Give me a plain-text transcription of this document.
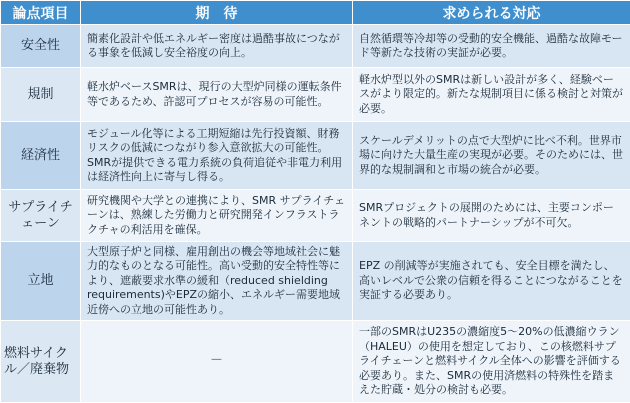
論点項目	期　待	求められる対応
安全性	簡素化設計や低エネルギー密度は過酷事故につながる事象を低減し安全裕度の向上。	自然循環等冷却等の受動的安全機能、過酷な故障モード等新たな技術の実証が必要。
規制	軽水炉ベースSMRは、現行の大型炉同様の運転条件等であるため、許認可プロセスが容易の可能性。	軽水炉型以外のSMRは新しい設計が多く、経験ベースがより限定的。新たな規制項目に係る検討と対策が必要。
経済性	モジュール化等による工期短縮は先行投資額、財務リスクの低減につながり参入意欲拡大の可能性。SMRが提供できる電力系統の負荷追従や非電力利用は経済性向上に寄与し得る。	スケールデメリットの点で大型炉に比べ不利。世界市場に向けた大量生産の実現が必要。そのためには、世界的な規制調和と市場の統合が必要。
サプライチェーン	研究機関や大学との連携により、SMR サプライチェーンは、熟練した労働力と研究開発インフラストラクチャの利活用を確保。	SMRプロジェクトの展開のためには、主要コンポーネントの戦略的パートナーシップが不可欠。
立地	大型原子炉と同様、雇用創出の機会等地域社会に魅力的なものとなる可能性。高い受動的安全特性等により、遮蔽要求水準の緩和（reduced shielding requirements)やEPZの縮小、エネルギー需要地域近傍への立地の可能性あり。	EPZ の削減等が実施されても、安全目標を満たし、高いレベルで公衆の信頼を得ることにつながることを実証する必要あり。
燃料サイクル／廃棄物	－	一部のSMRはU235の濃縮度5～20%の低濃縮ウラン（HALEU）の使用を想定しており、この核燃料サプライチェーンと燃料サイクル全体への影響を評価する必要あり。また、SMRの使用済燃料の特殊性を踏まえた貯蔵・処分の検討も必要。
